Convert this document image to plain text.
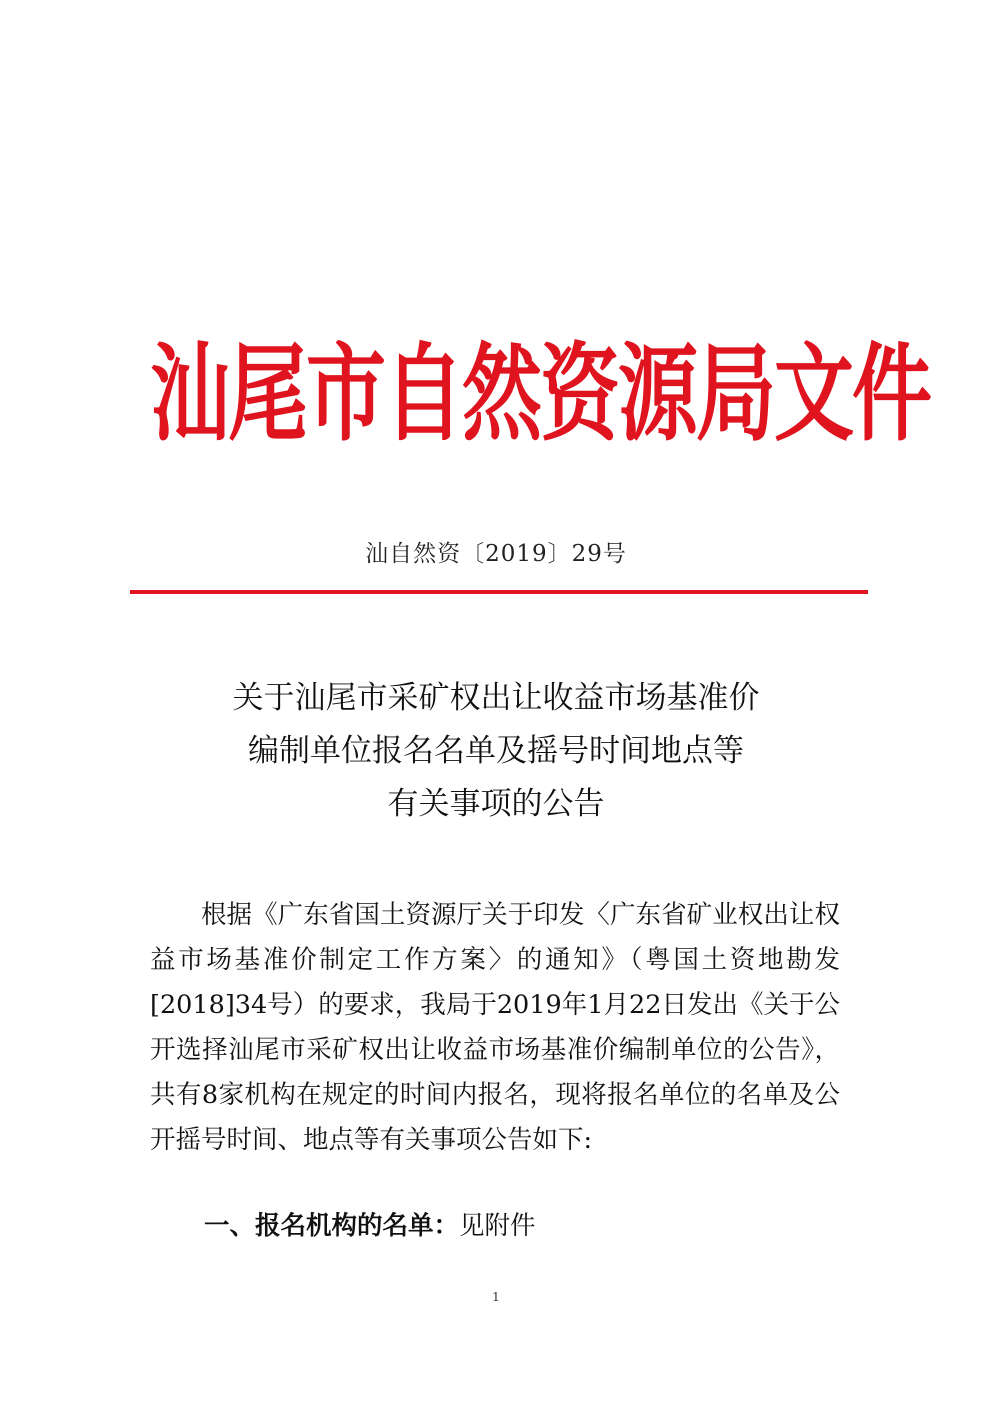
汕尾市自然资源局文件
汕自然资〔2019〕29号
关于汕尾市采矿权出让收益市场基准价
编制单位报名名单及摇号时间地点等
有关事项的公告
根据《广东省国土资源厅关于印发〈广东省矿业权出让权益市场基准价制定工作方案〉的通知》（粤国土资地勘发[2018]34号）的要求，我局于2019年1月22日发出《关于公开选择汕尾市采矿权出让收益市场基准价编制单位的公告》，共有8家机构在规定的时间内报名，现将报名单位的名单及公开摇号时间、地点等有关事项公告如下:
一、报名机构的名单：见附件
1
